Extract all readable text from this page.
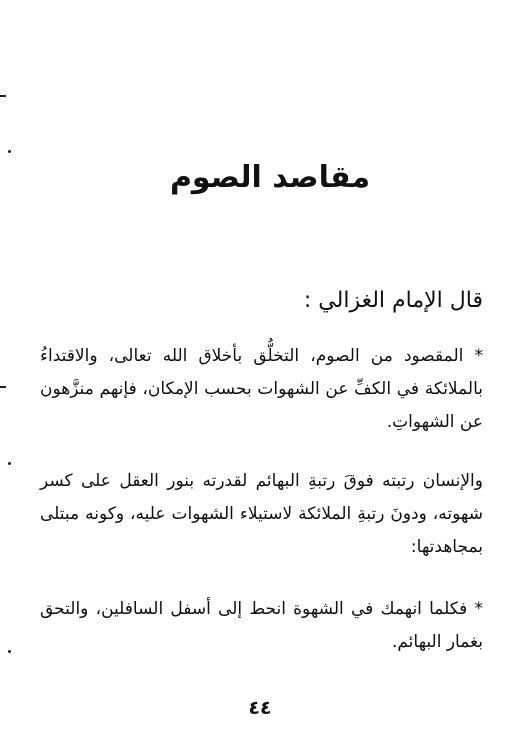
مقاصد الصوم
قال الإمام الغزالي :
* المقصود من الصوم، التخلُّق بأخلاق الله تعالى، والاقتداءُ بالملائكة في الكفِّ عن الشهوات بحسب الإمكان، فإنهم منزَّهون عن الشهواتِ.
والإنسان رتبته فوقَ رتبةِ البهائم لقدرته بنور العقل على كسر شهوته، ودونَ رتبةِ الملائكة لاستيلاء الشهوات عليه، وكونه مبتلى بمجاهدتها:
* فكلما انهمك في الشهوة انحط إلى أسفل السافلين، والتحق بغمار البهائم.
٤٤
